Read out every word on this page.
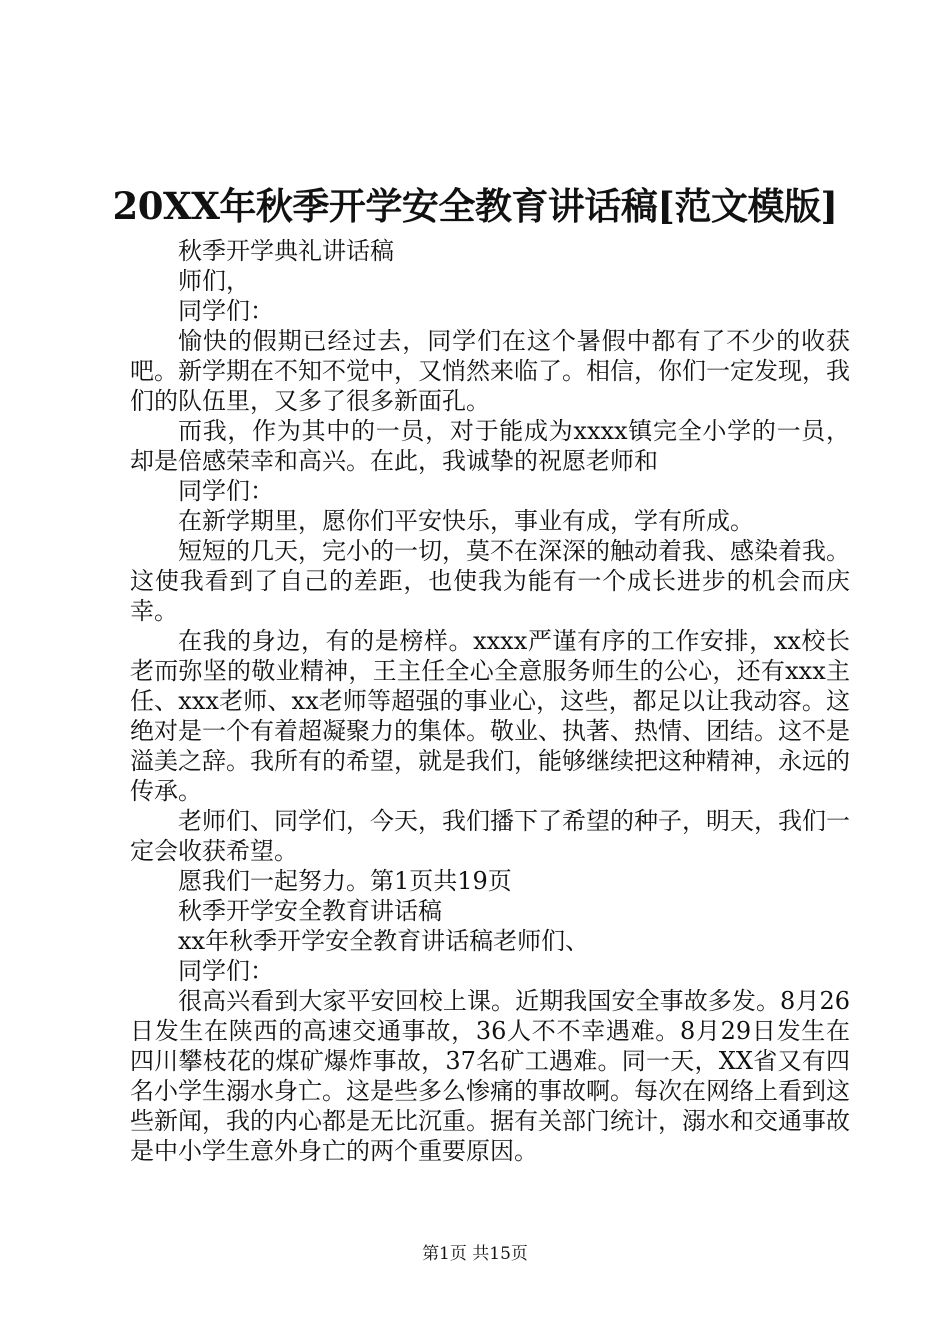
20XX年秋季开学安全教育讲话稿[范文模版]

秋季开学典礼讲话稿

师们，

同学们：

愉快的假期已经过去，同学们在这个暑假中都有了不少的收获吧。新学期在不知不觉中，又悄然来临了。相信，你们一定发现，我们的队伍里，又多了很多新面孔。

而我，作为其中的一员，对于能成为xxxx镇完全小学的一员，却是倍感荣幸和高兴。在此，我诚挚的祝愿老师和

同学们：

在新学期里，愿你们平安快乐，事业有成，学有所成。

短短的几天，完小的一切，莫不在深深的触动着我、感染着我。这使我看到了自己的差距，也使我为能有一个成长进步的机会而庆幸。

在我的身边，有的是榜样。xxxx严谨有序的工作安排，xx校长老而弥坚的敬业精神，王主任全心全意服务师生的公心，还有xxx主任、xxx老师、xx老师等超强的事业心，这些，都足以让我动容。这绝对是一个有着超凝聚力的集体。敬业、执著、热情、团结。这不是溢美之辞。我所有的希望，就是我们，能够继续把这种精神，永远的传承。

老师们、同学们，今天，我们播下了希望的种子，明天，我们一定会收获希望。

愿我们一起努力。第1页共19页

秋季开学安全教育讲话稿

xx年秋季开学安全教育讲话稿老师们、

同学们：

很高兴看到大家平安回校上课。近期我国安全事故多发。8月26日发生在陕西的高速交通事故，36人不不幸遇难。8月29日发生在四川攀枝花的煤矿爆炸事故，37名矿工遇难。同一天，XX省又有四名小学生溺水身亡。这是些多么惨痛的事故啊。每次在网络上看到这些新闻，我的内心都是无比沉重。据有关部门统计，溺水和交通事故是中小学生意外身亡的两个重要原因。

第1页 共15页
